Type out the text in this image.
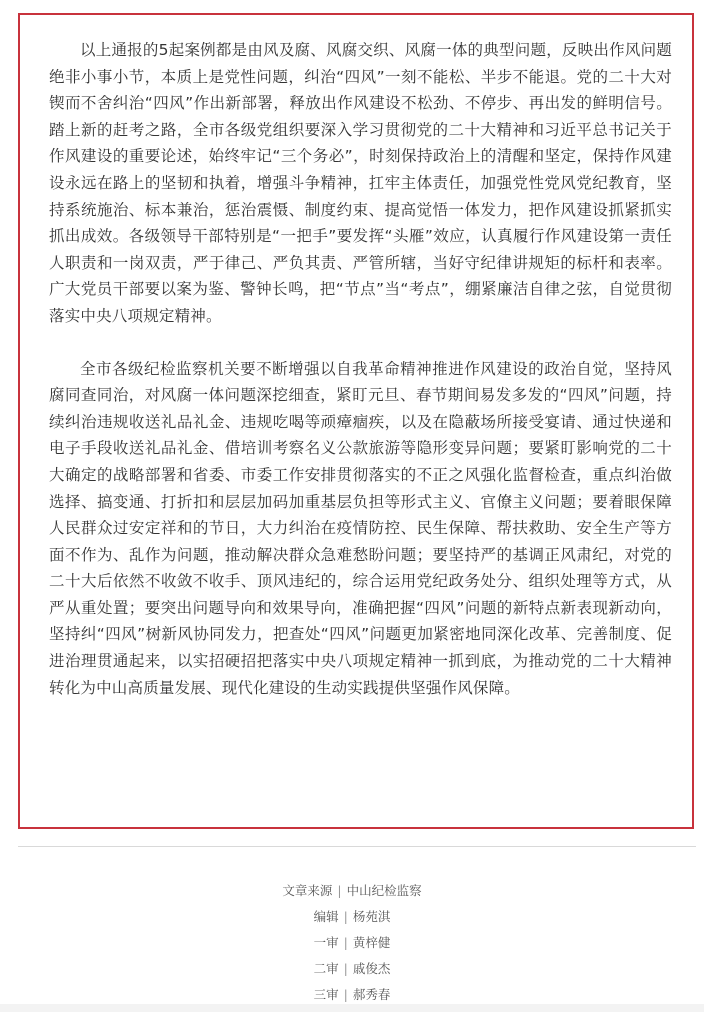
以上通报的5起案例都是由风及腐、风腐交织、风腐一体的典型问题，反映出作风问题绝非小事小节，本质上是党性问题，纠治“四风”一刻不能松、半步不能退。党的二十大对锲而不舍纠治“四风”作出新部署，释放出作风建设不松劲、不停步、再出发的鲜明信号。踏上新的赶考之路，全市各级党组织要深入学习贯彻党的二十大精神和习近平总书记关于作风建设的重要论述，始终牢记“三个务必”，时刻保持政治上的清醒和坚定，保持作风建设永远在路上的坚韧和执着，增强斗争精神，扛牢主体责任，加强党性党风党纪教育，坚持系统施治、标本兼治，惩治震慑、制度约束、提高觉悟一体发力，把作风建设抓紧抓实抓出成效。各级领导干部特别是“一把手”要发挥“头雁”效应，认真履行作风建设第一责任人职责和一岗双责，严于律己、严负其责、严管所辖，当好守纪律讲规矩的标杆和表率。广大党员干部要以案为鉴、警钟长鸣，把“节点”当“考点”，绷紧廉洁自律之弦，自觉贯彻落实中央八项规定精神。

全市各级纪检监察机关要不断增强以自我革命精神推进作风建设的政治自觉，坚持风腐同查同治，对风腐一体问题深挖细查，紧盯元旦、春节期间易发多发的“四风”问题，持续纠治违规收送礼品礼金、违规吃喝等顽瘴痼疾，以及在隐蔽场所接受宴请、通过快递和电子手段收送礼品礼金、借培训考察名义公款旅游等隐形变异问题；要紧盯影响党的二十大确定的战略部署和省委、市委工作安排贯彻落实的不正之风强化监督检查，重点纠治做选择、搞变通、打折扣和层层加码加重基层负担等形式主义、官僚主义问题；要着眼保障人民群众过安定祥和的节日，大力纠治在疫情防控、民生保障、帮扶救助、安全生产等方面不作为、乱作为问题，推动解决群众急难愁盼问题；要坚持严的基调正风肃纪，对党的二十大后依然不收敛不收手、顶风违纪的，综合运用党纪政务处分、组织处理等方式，从严从重处置；要突出问题导向和效果导向，准确把握“四风”问题的新特点新表现新动向，坚持纠“四风”树新风协同发力，把查处“四风”问题更加紧密地同深化改革、完善制度、促进治理贯通起来，以实招硬招把落实中央八项规定精神一抓到底，为推动党的二十大精神转化为中山高质量发展、现代化建设的生动实践提供坚强作风保障。

文章来源 | 中山纪检监察
编辑 | 杨苑淇
一审 | 黄梓健
二审 | 戚俊杰
三审 | 郝秀春
